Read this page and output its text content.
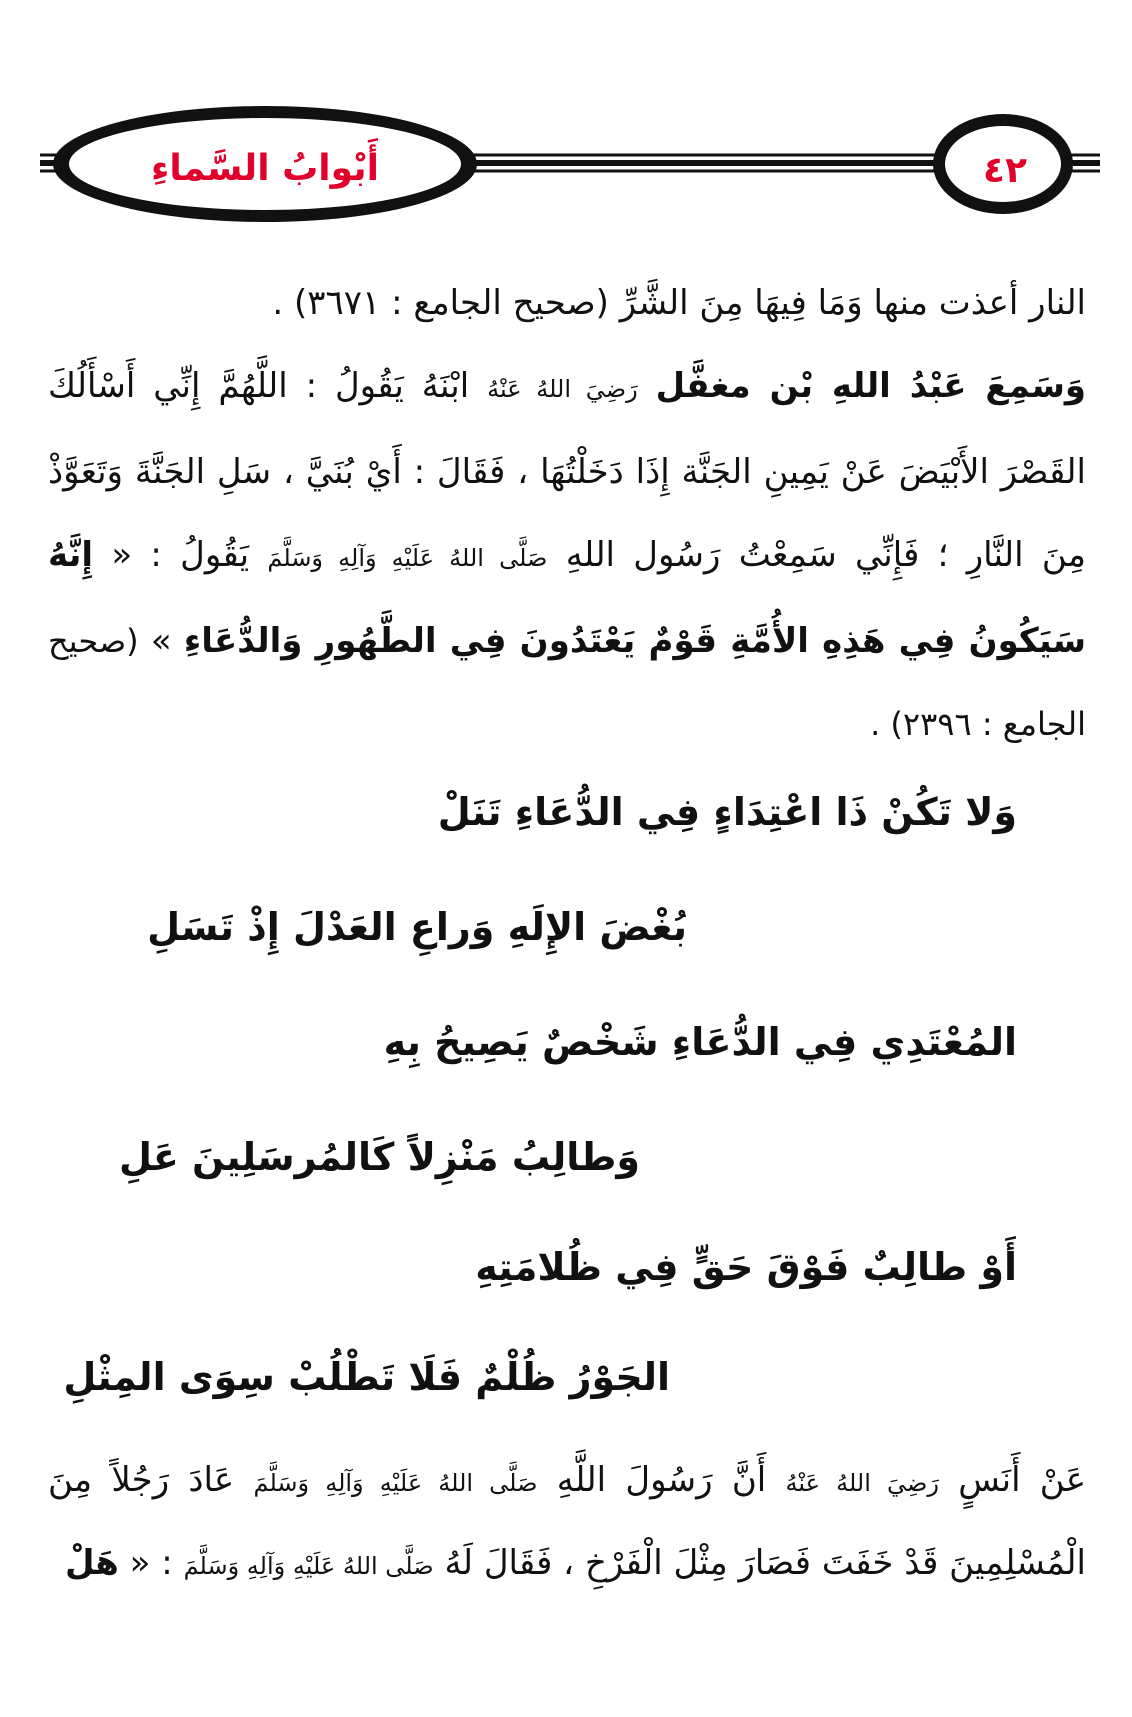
أَبْوابُ السَّماءِ	٤٢

النار أعذت منها وَمَا فِيهَا مِنَ الشَّرِّ (صحيح الجامع : ٣٦٧١) .

وَسَمِعَ عَبْدُ اللهِ بْن مغفَّل رَضِيَ اللهُ عَنْهُ ابْنَهُ يَقُولُ : اللَّهُمَّ إِنِّي أَسْأَلُكَ القَصْرَ الأَبْيَضَ عَنْ يَمِينِ الجَنَّة إِذَا دَخَلْتُهَا ، فَقَالَ : أَيْ بُنَيَّ ، سَلِ الجَنَّةَ وَتَعَوَّذْ مِنَ النَّارِ ؛ فَإِنِّي سَمِعْتُ رَسُول اللهِ صَلَّى اللهُ عَلَيْهِ وَآلِهِ وَسَلَّمَ يَقُولُ : « إِنَّهُ سَيَكُونُ فِي هَذِهِ الأُمَّةِ قَوْمٌ يَعْتَدُونَ فِي الطَّهُورِ وَالدُّعَاءِ » (صحيح الجامع : ٢٣٩٦) .

وَلا تَكُنْ ذَا اعْتِدَاءٍ فِي الدُّعَاءِ تَنَلْ
بُغْضَ الإِلَهِ وَراعِ العَدْلَ إِذْ تَسَلِ
المُعْتَدِي فِي الدُّعَاءِ شَخْصٌ يَصِيحُ بِهِ
وَطالِبُ مَنْزِلاً كَالمُرسَلِينَ عَلِ
أَوْ طالِبٌ فَوْقَ حَقٍّ فِي ظُلامَتِهِ
الجَوْرُ ظُلْمٌ فَلَا تَطْلُبْ سِوَى المِثْلِ
عَنْ أَنَسٍ رَضِيَ اللهُ عَنْهُ أَنَّ رَسُولَ اللَّهِ صَلَّى اللهُ عَلَيْهِ وَآلِهِ وَسَلَّمَ عَادَ رَجُلاً مِنَ الْمُسْلِمِينَ قَدْ خَفَتَ فَصَارَ مِثْلَ الْفَرْخِ ، فَقَالَ لَهُ صَلَّى اللهُ عَلَيْهِ وَآلِهِ وَسَلَّمَ : « هَلْ
